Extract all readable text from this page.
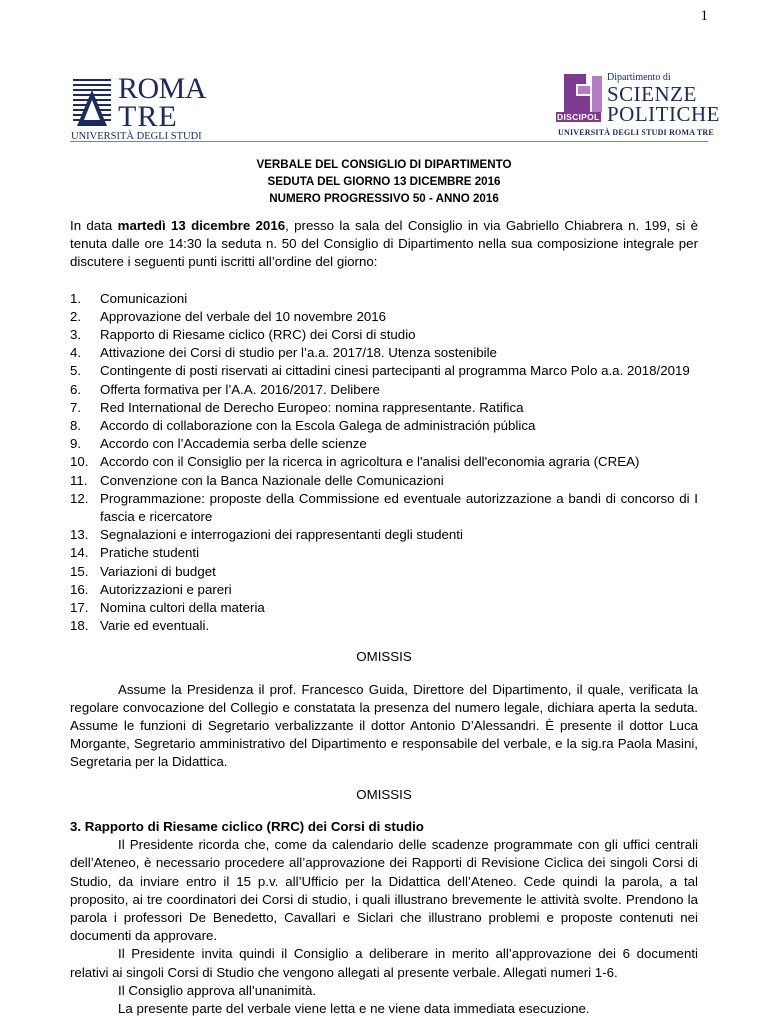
1
ROMA
TRE
UNIVERSITÀ DEGLI STUDI
DISCIPOL
Dipartimento di
SCIENZE
POLITICHE
UNIVERSITÀ DEGLI STUDI ROMA TRE
VERBALE DEL CONSIGLIO DI DIPARTIMENTO
SEDUTA DEL GIORNO 13 DICEMBRE 2016
NUMERO PROGRESSIVO 50 - ANNO 2016

In data martedì 13 dicembre 2016, presso la sala del Consiglio in via Gabriello Chiabrera n. 199, si è tenuta dalle ore 14:30 la seduta n. 50 del Consiglio di Dipartimento nella sua composizione integrale per discutere i seguenti punti iscritti all’ordine del giorno:

1.	Comunicazioni
2.	Approvazione del verbale del 10 novembre 2016
3.	Rapporto di Riesame ciclico (RRC) dei Corsi di studio
4.	Attivazione dei Corsi di studio per l’a.a. 2017/18. Utenza sostenibile
5.	Contingente di posti riservati ai cittadini cinesi partecipanti al programma Marco Polo a.a. 2018/2019
6.	Offerta formativa per l’A.A. 2016/2017. Delibere
7.	Red International de Derecho Europeo: nomina rappresentante. Ratifica
8.	Accordo di collaborazione con la Escola Galega de administración pública
9.	Accordo con l’Accademia serba delle scienze
10. Accordo con il Consiglio per la ricerca in agricoltura e l'analisi dell'economia agraria (CREA)
11. Convenzione con la Banca Nazionale delle Comunicazioni
12. Programmazione: proposte della Commissione ed eventuale autorizzazione a bandi di concorso di I fascia e ricercatore
13. Segnalazioni e interrogazioni dei rappresentanti degli studenti
14. Pratiche studenti
15. Variazioni di budget
16. Autorizzazioni e pareri
17. Nomina cultori della materia
18. Varie ed eventuali.

OMISSIS

Assume la Presidenza il prof. Francesco Guida, Direttore del Dipartimento, il quale, verificata la regolare convocazione del Collegio e constatata la presenza del numero legale, dichiara aperta la seduta. Assume le funzioni di Segretario verbalizzante il dottor Antonio D’Alessandri. È presente il dottor Luca Morgante, Segretario amministrativo del Dipartimento e responsabile del verbale, e la sig.ra Paola Masini, Segretaria per la Didattica.

OMISSIS

3. Rapporto di Riesame ciclico (RRC) dei Corsi di studio

Il Presidente ricorda che, come da calendario delle scadenze programmate con gli uffici centrali dell’Ateneo, è necessario procedere all’approvazione dei Rapporti di Revisione Ciclica dei singoli Corsi di Studio, da inviare entro il 15 p.v. all’Ufficio per la Didattica dell’Ateneo. Cede quindi la parola, a tal proposito, ai tre coordinatori dei Corsi di studio, i quali illustrano brevemente le attività svolte. Prendono la parola i professori De Benedetto, Cavallari e Siclari che illustrano problemi e proposte contenuti nei documenti da approvare.

Il Presidente invita quindi il Consiglio a deliberare in merito all’approvazione dei 6 documenti relativi ai singoli Corsi di Studio che vengono allegati al presente verbale. Allegati numeri 1-6.

Il Consiglio approva all’unanimità.

La presente parte del verbale viene letta e ne viene data immediata esecuzione.
